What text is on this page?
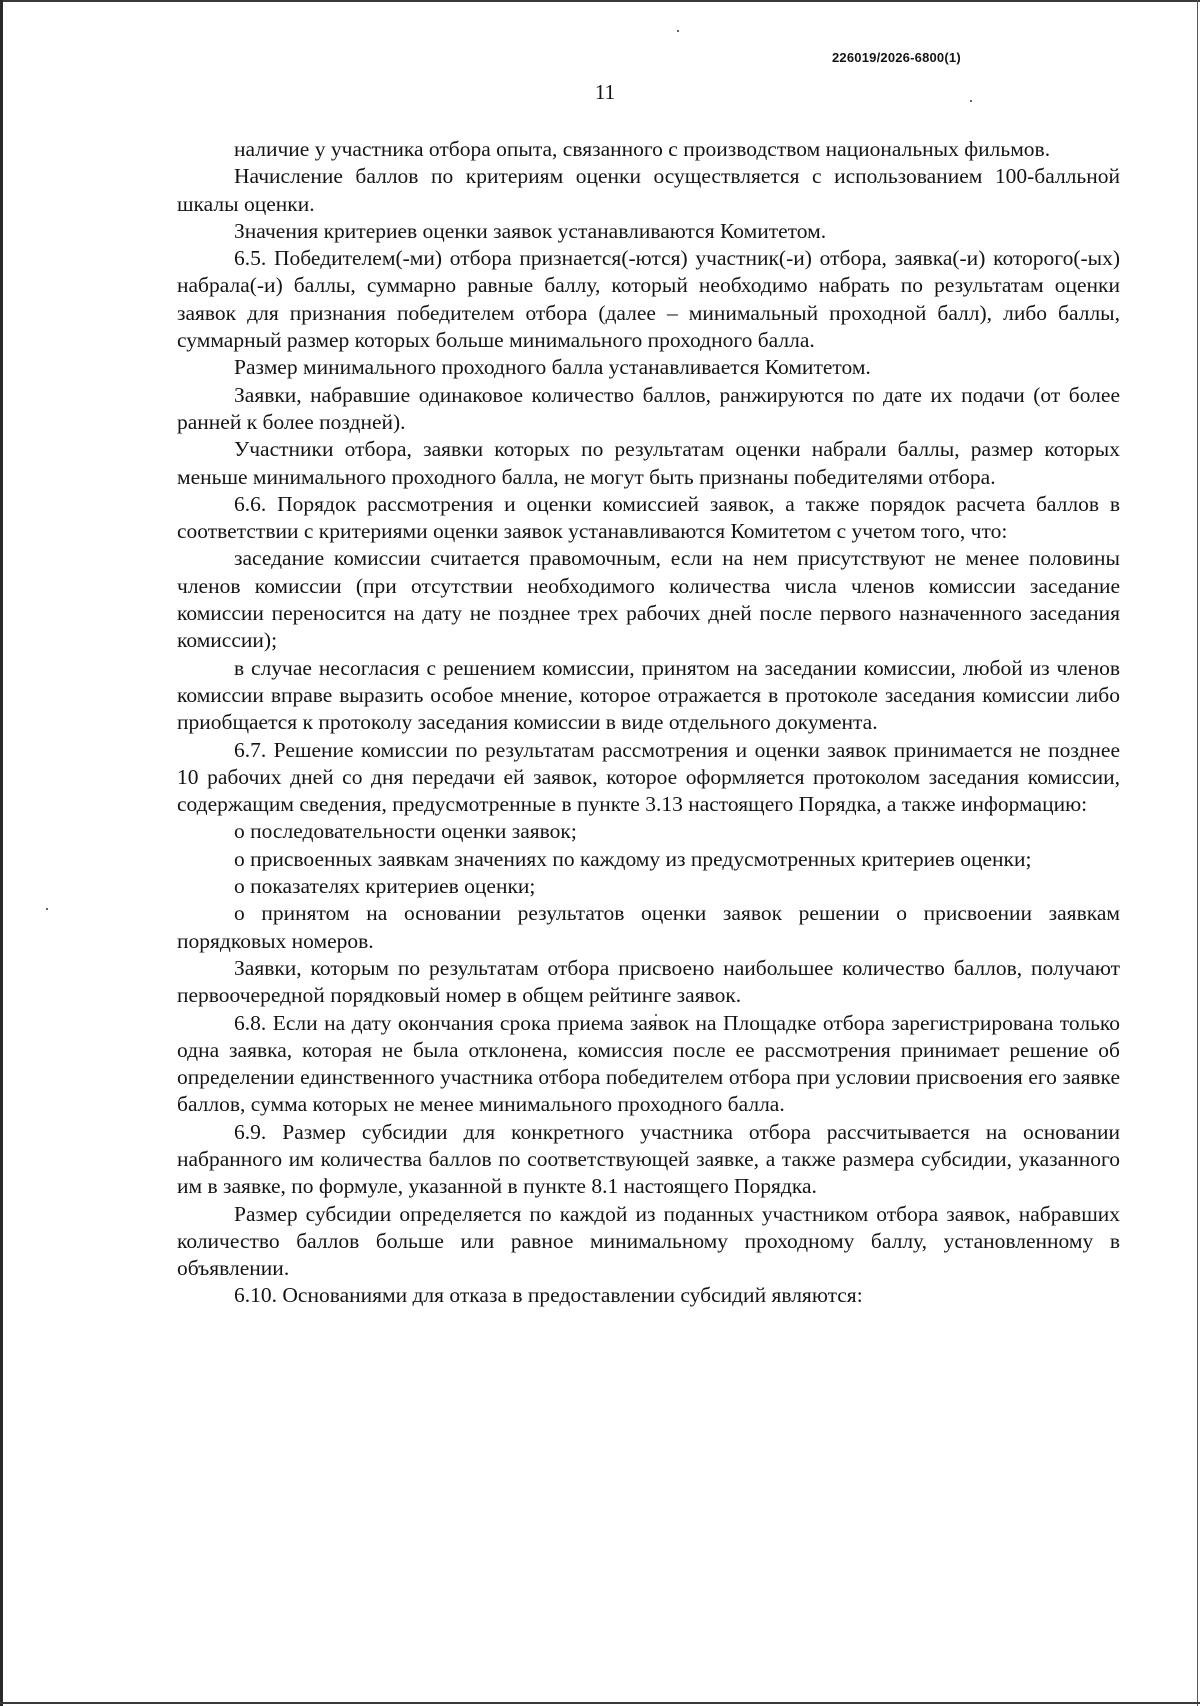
226019/2026-6800(1)
11

наличие у участника отбора опыта, связанного с производством национальных фильмов.

Начисление баллов по критериям оценки осуществляется с использованием 100-балльной шкалы оценки.

Значения критериев оценки заявок устанавливаются Комитетом.

6.5. Победителем(-ми) отбора признается(-ются) участник(-и) отбора, заявка(-и) которого(-ых) набрала(-и) баллы, суммарно равные баллу, который необходимо набрать по результатам оценки заявок для признания победителем отбора (далее – минимальный проходной балл), либо баллы, суммарный размер которых больше минимального проходного балла.

Размер минимального проходного балла устанавливается Комитетом.

Заявки, набравшие одинаковое количество баллов, ранжируются по дате их подачи (от более ранней к более поздней).

Участники отбора, заявки которых по результатам оценки набрали баллы, размер которых меньше минимального проходного балла, не могут быть признаны победителями отбора.

6.6. Порядок рассмотрения и оценки комиссией заявок, а также порядок расчета баллов в соответствии с критериями оценки заявок устанавливаются Комитетом с учетом того, что:

заседание комиссии считается правомочным, если на нем присутствуют не менее половины членов комиссии (при отсутствии необходимого количества числа членов комиссии заседание комиссии переносится на дату не позднее трех рабочих дней после первого назначенного заседания комиссии);

в случае несогласия с решением комиссии, принятом на заседании комиссии, любой из членов комиссии вправе выразить особое мнение, которое отражается в протоколе заседания комиссии либо приобщается к протоколу заседания комиссии в виде отдельного документа.

6.7. Решение комиссии по результатам рассмотрения и оценки заявок принимается не позднее 10 рабочих дней со дня передачи ей заявок, которое оформляется протоколом заседания комиссии, содержащим сведения, предусмотренные в пункте 3.13 настоящего Порядка, а также информацию:

о последовательности оценки заявок;

о присвоенных заявкам значениях по каждому из предусмотренных критериев оценки;

о показателях критериев оценки;

о принятом на основании результатов оценки заявок решении о присвоении заявкам порядковых номеров.

Заявки, которым по результатам отбора присвоено наибольшее количество баллов, получают первоочередной порядковый номер в общем рейтинге заявок.

6.8. Если на дату окончания срока приема заявок на Площадке отбора зарегистрирована только одна заявка, которая не была отклонена, комиссия после ее рассмотрения принимает решение об определении единственного участника отбора победителем отбора при условии присвоения его заявке баллов, сумма которых не менее минимального проходного балла.

6.9. Размер субсидии для конкретного участника отбора рассчитывается на основании набранного им количества баллов по соответствующей заявке, а также размера субсидии, указанного им в заявке, по формуле, указанной в пункте 8.1 настоящего Порядка.

Размер субсидии определяется по каждой из поданных участником отбора заявок, набравших количество баллов больше или равное минимальному проходному баллу, установленному в объявлении.

6.10. Основаниями для отказа в предоставлении субсидий являются:
